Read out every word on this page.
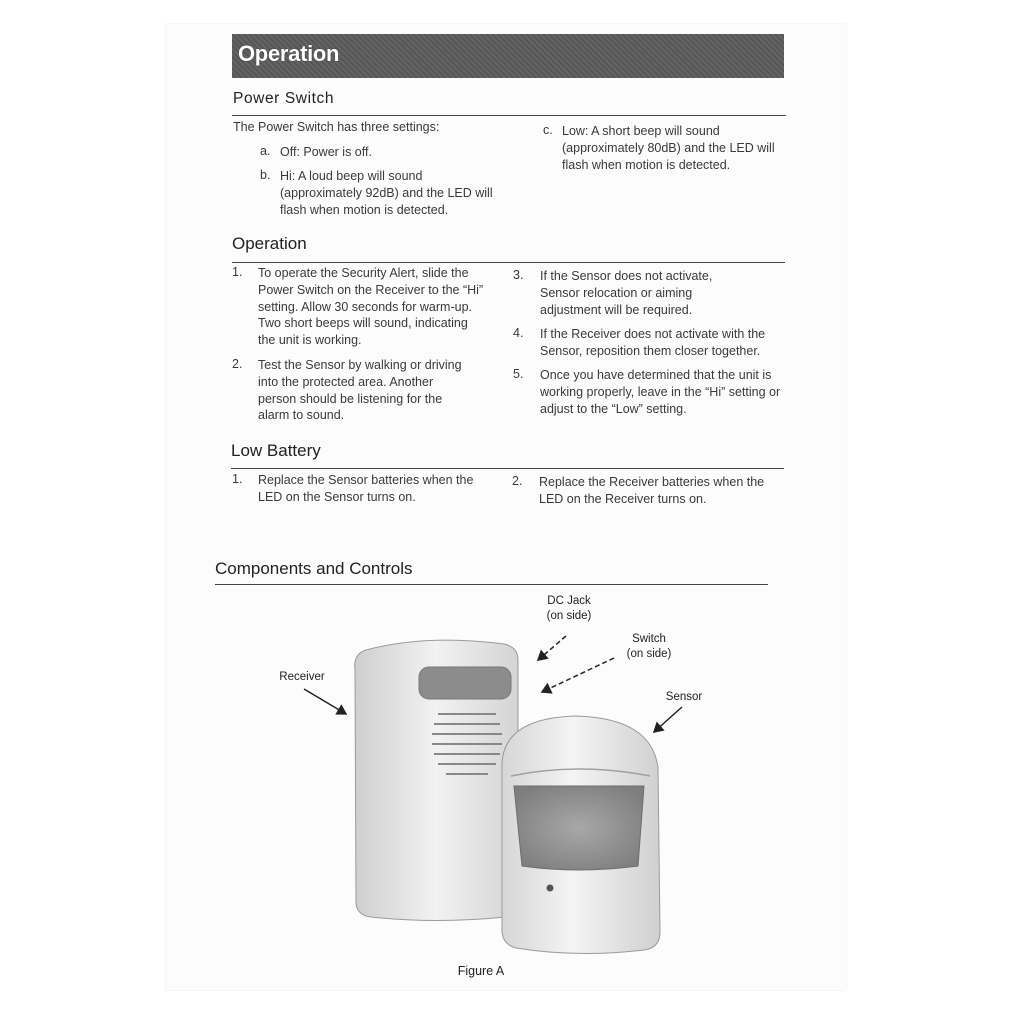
Operation
Power Switch

The Power Switch has three settings:

a. Off: Power is off.

b. Hi: A loud beep will sound (approximately 92dB) and the LED will flash when motion is detected.

c. Low: A short beep will sound (approximately 80dB) and the LED will flash when motion is detected.

Operation
1. To operate the Security Alert, slide the Power Switch on the Receiver to the “Hi” setting. Allow 30 seconds for warm-up. Two short beeps will sound, indicating the unit is working.

2. Test the Sensor by walking or driving into the protected area. Another person should be listening for the alarm to sound.

3. If the Sensor does not activate, Sensor relocation or aiming adjustment will be required.

4. If the Receiver does not activate with the Sensor, reposition them closer together.

5. Once you have determined that the unit is working properly, leave in the “Hi” setting or adjust to the “Low” setting.

Low Battery
1. Replace the Sensor batteries when the LED on the Sensor turns on.

2. Replace the Receiver batteries when the LED on the Receiver turns on.

Components and Controls
DC Jack
(on side)
Switch
(on side)
Receiver
Sensor
Figure A
